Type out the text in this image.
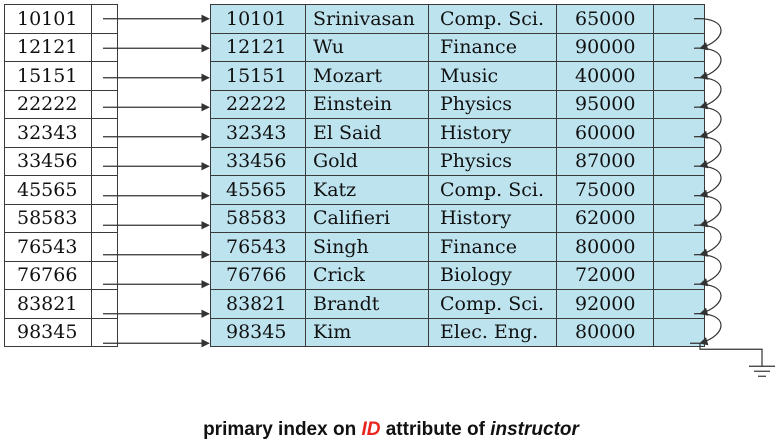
10101	
12121	
15151	
22222	
32343	
33456	
45565	
58583	
76543	
76766	
83821	
98345	
10101	Srinivasan	Comp. Sci.	65000	
12121	Wu	Finance	90000	
15151	Mozart	Music	40000	
22222	Einstein	Physics	95000	
32343	El Said	History	60000	
33456	Gold	Physics	87000	
45565	Katz	Comp. Sci.	75000	
58583	Califieri	History	62000	
76543	Singh	Finance	80000	
76766	Crick	Biology	72000	
83821	Brandt	Comp. Sci.	92000	
98345	Kim	Elec. Eng.	80000	
primary index on ID attribute of instructor
